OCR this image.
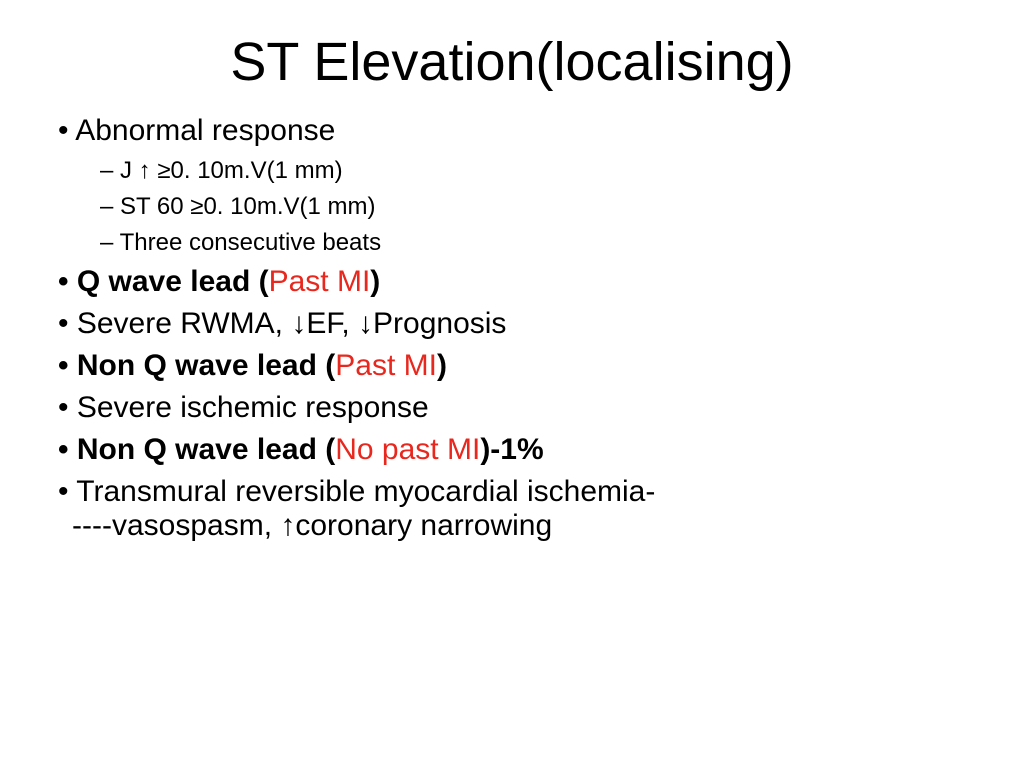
ST Elevation(localising)

• Abnormal response

– J ↑ ≥0. 10m.V(1 mm)

– ST 60 ≥0. 10m.V(1 mm)

– Three consecutive beats

• Q wave lead (Past MI)

• Severe RWMA, ↓EF, ↓Prognosis

• Non Q wave lead (Past MI)

• Severe ischemic response

• Non Q wave lead (No past MI)-1%

• Transmural reversible myocardial ischemia-

----vasospasm, ↑coronary narrowing
